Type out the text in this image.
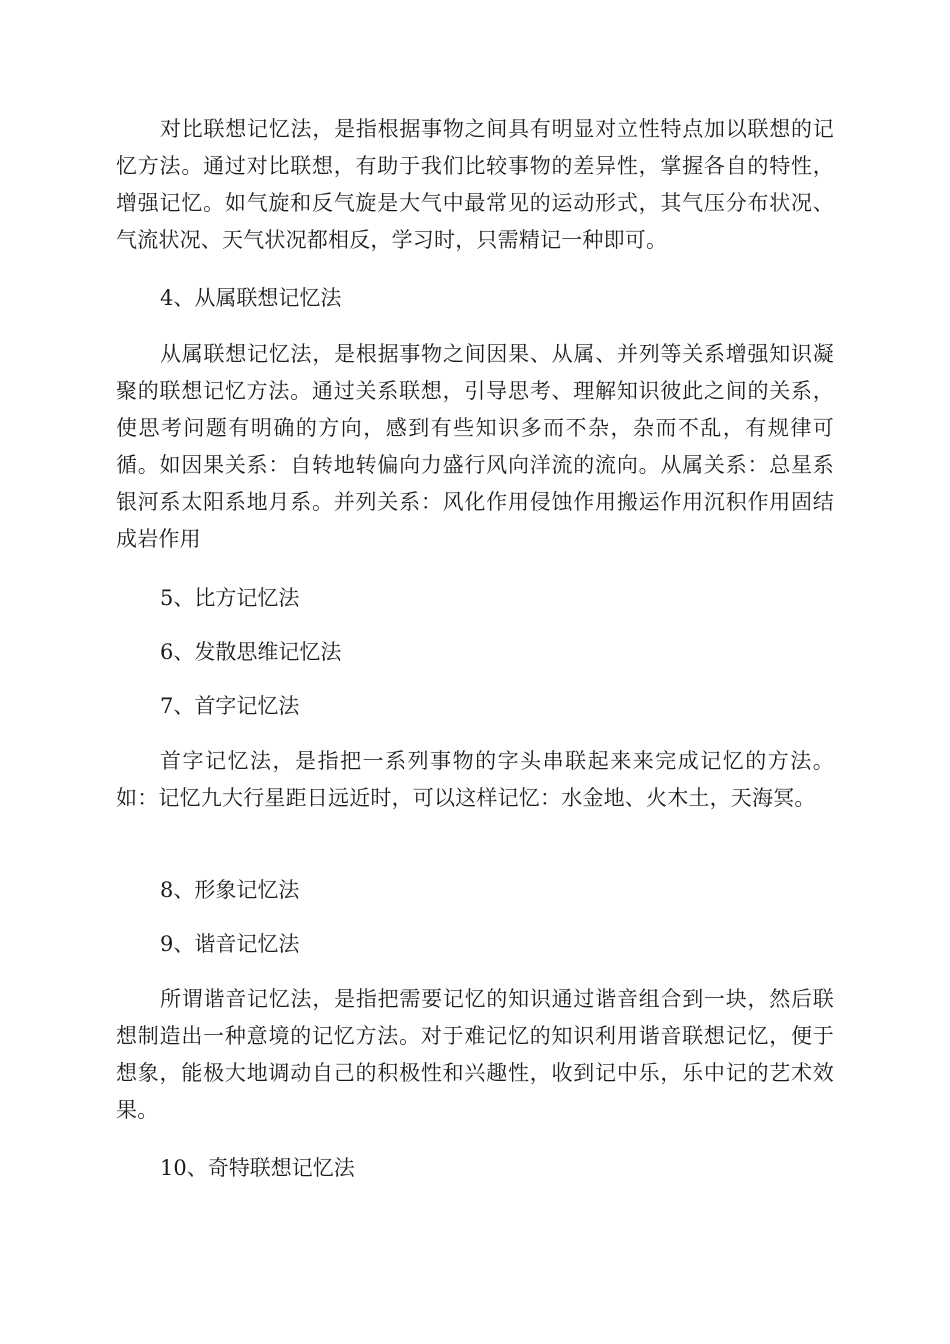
对比联想记忆法，是指根据事物之间具有明显对立性特点加以联想的记忆方法。通过对比联想，有助于我们比较事物的差异性，掌握各自的特性，增强记忆。如气旋和反气旋是大气中最常见的运动形式，其气压分布状况、气流状况、天气状况都相反，学习时，只需精记一种即可。

4、从属联想记忆法

从属联想记忆法，是根据事物之间因果、从属、并列等关系增强知识凝聚的联想记忆方法。通过关系联想，引导思考、理解知识彼此之间的关系，使思考问题有明确的方向，感到有些知识多而不杂，杂而不乱，有规律可循。如因果关系：自转地转偏向力盛行风向洋流的流向。从属关系：总星系银河系太阳系地月系。并列关系：风化作用侵蚀作用搬运作用沉积作用固结成岩作用

5、比方记忆法

6、发散思维记忆法

7、首字记忆法

首字记忆法，是指把一系列事物的字头串联起来来完成记忆的方法。如：记忆九大行星距日远近时，可以这样记忆：水金地、火木土，天海冥。

8、形象记忆法

9、谐音记忆法

所谓谐音记忆法，是指把需要记忆的知识通过谐音组合到一块，然后联想制造出一种意境的记忆方法。对于难记忆的知识利用谐音联想记忆，便于想象，能极大地调动自己的积极性和兴趣性，收到记中乐，乐中记的艺术效果。

10、奇特联想记忆法
